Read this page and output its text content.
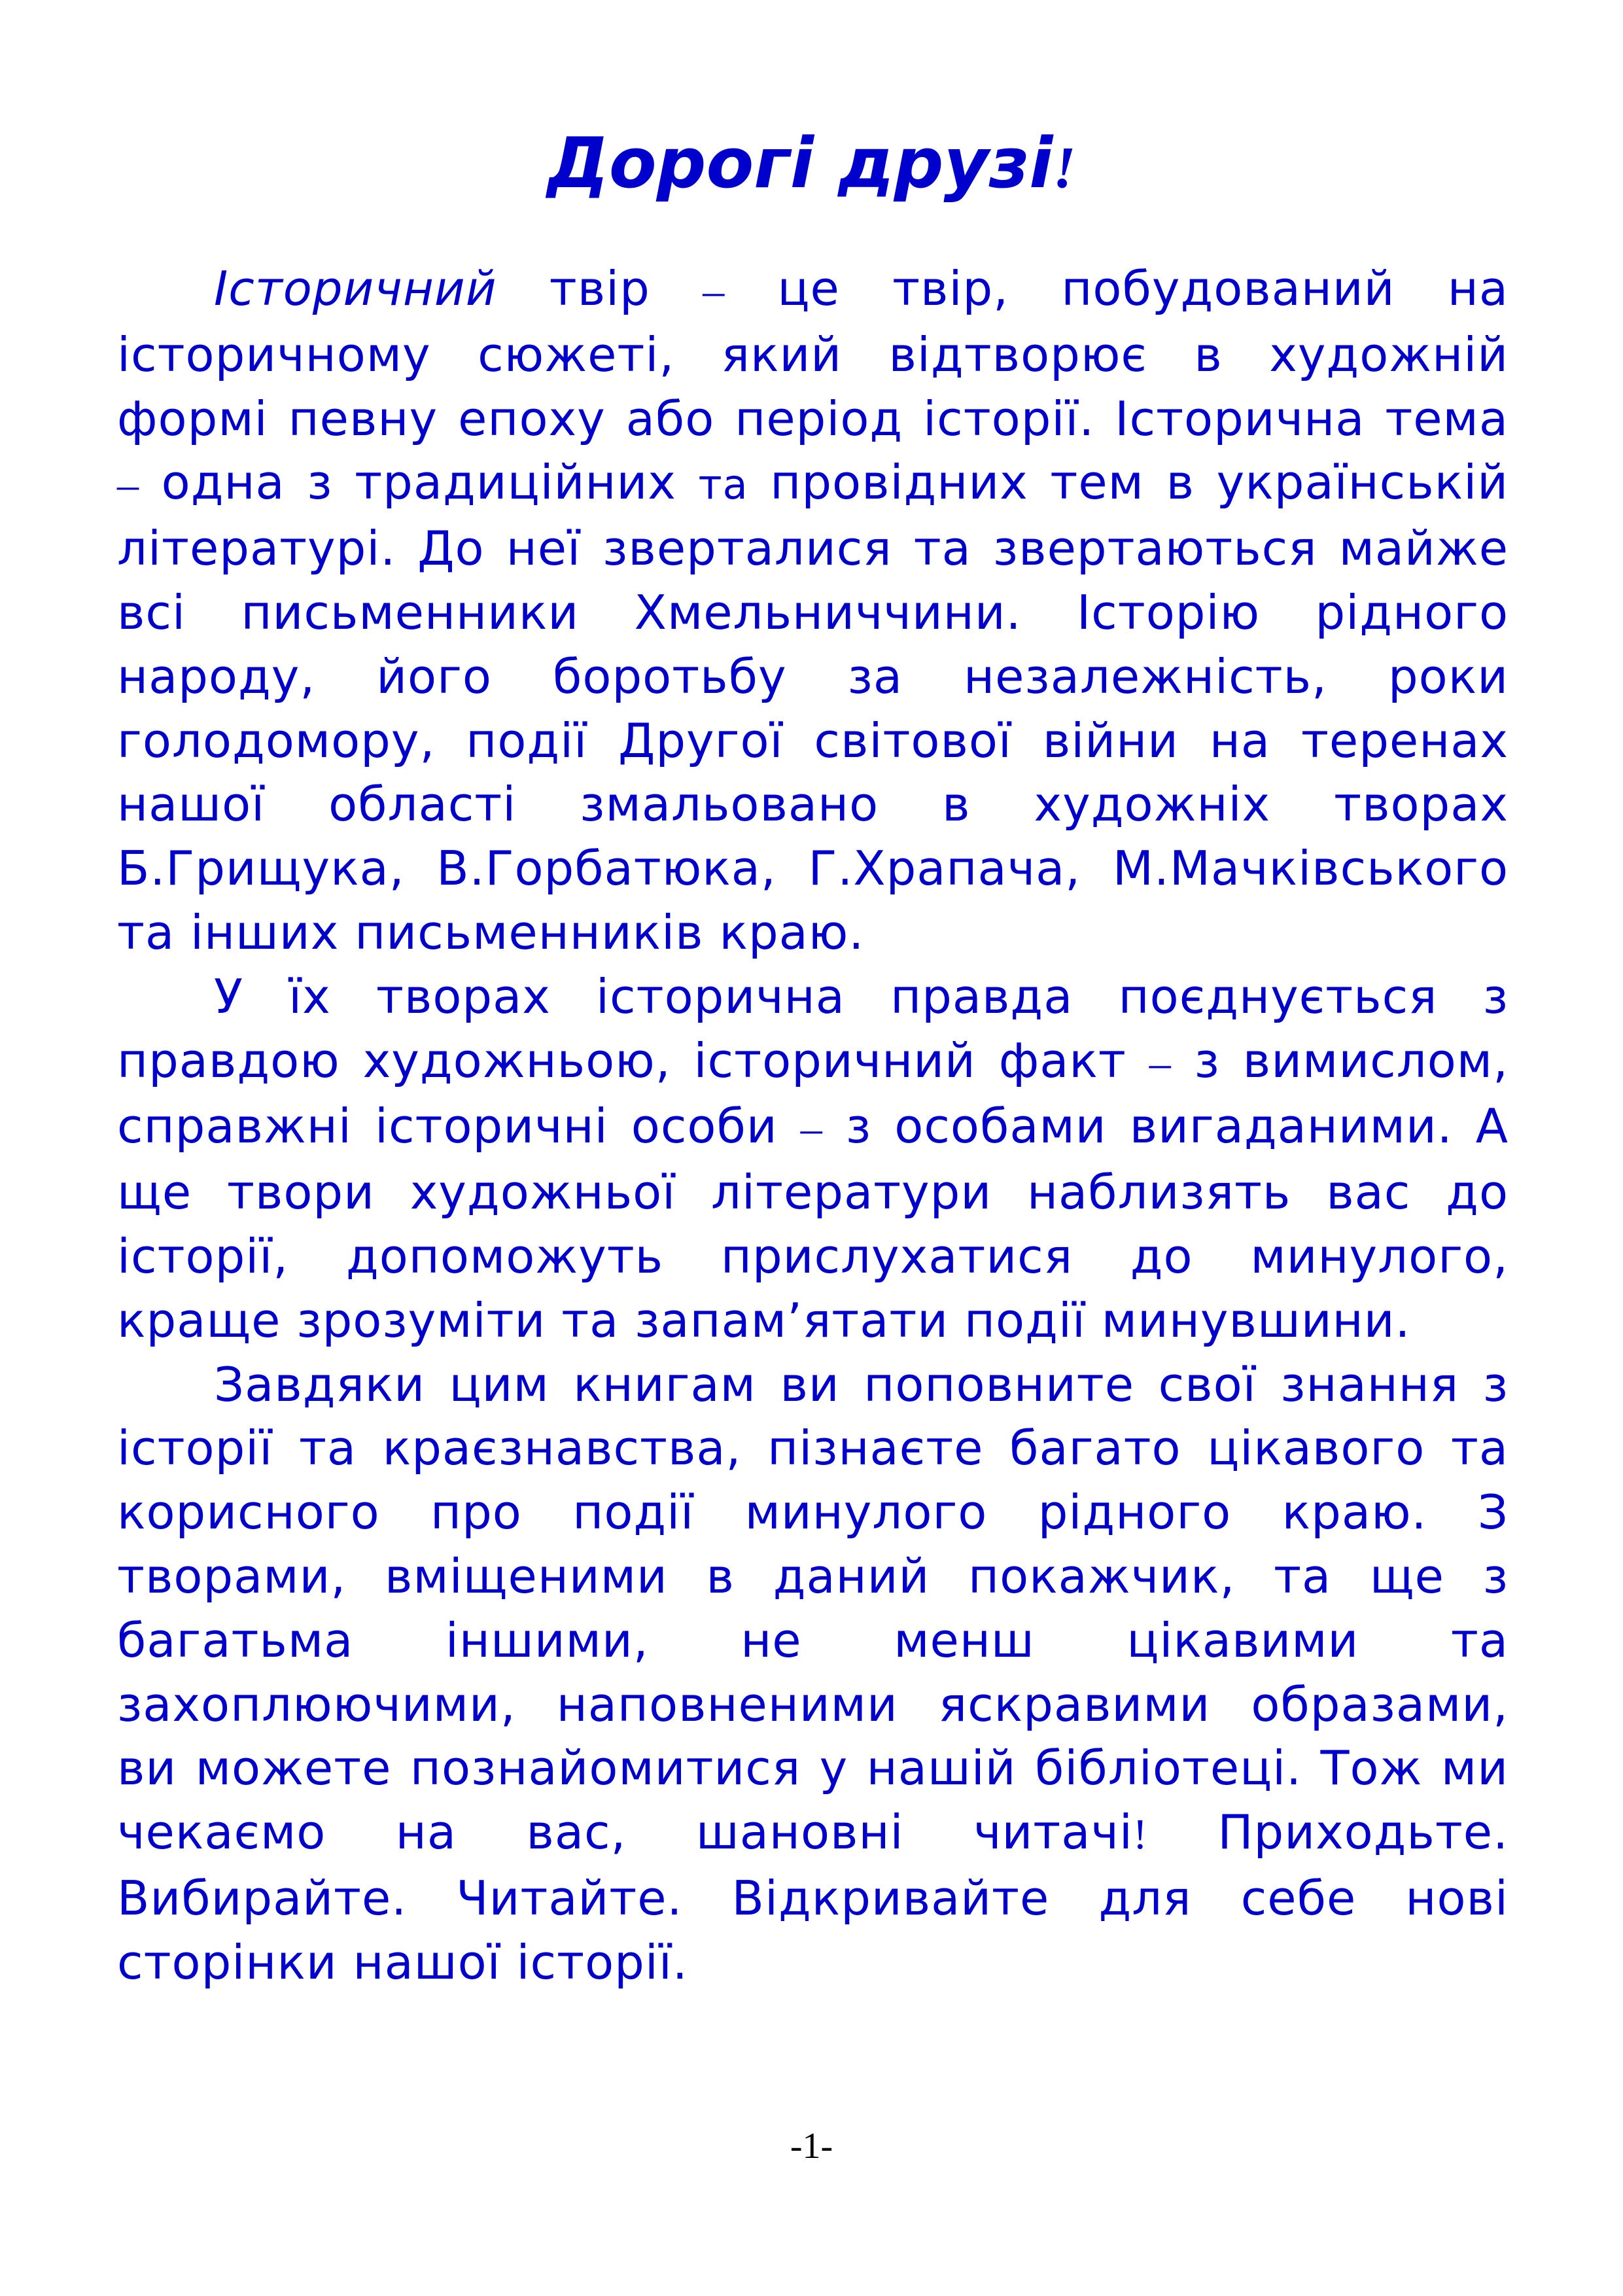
Дорогі друзі!

Історичний твір – це твір, побудований на історичному сюжеті, який відтворює в художній формі певну епоху або період історії. Історична тема – одна з традиційних та провідних тем в українській літературі. До неї зверталися та звертаються майже всі письменники Хмельниччини. Історію рідного народу, його боротьбу за незалежність, роки голодомору, події Другої світової війни на теренах нашої області змальовано в художніх творах Б.Грищука, В.Горбатюка, Г.Храпача, М.Мачківського та інших письменників краю.

У їх творах історична правда поєднується з правдою художньою, історичний факт – з вимислом, справжні історичні особи – з особами вигаданими. А ще твори художньої літератури наблизять вас до історії, допоможуть прислухатися до минулого, краще зрозуміти та запам’ятати події минувшини.

Завдяки цим книгам ви поповните свої знання з історії та краєзнавства, пізнаєте багато цікавого та корисного про події минулого рідного краю. З творами, вміщеними в даний покажчик, та ще з багатьма іншими, не менш цікавими та захоплюючими, наповненими яскравими образами, ви можете познайомитися у нашій бібліотеці. Тож ми чекаємо на вас, шановні читачі! Приходьте. Вибирайте. Читайте. Відкривайте для себе нові сторінки нашої історії.

-1-
